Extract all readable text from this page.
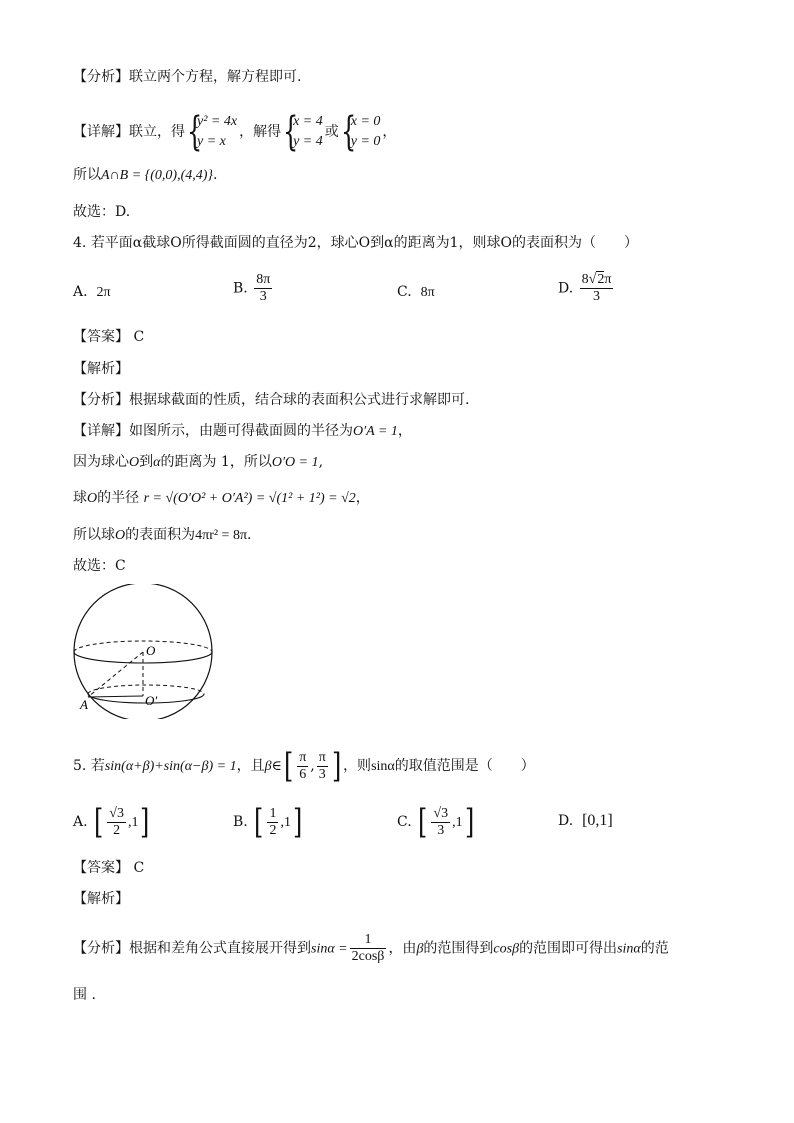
【分析】联立两个方程，解方程即可.
【详解】联立，得 {
y² = 4x
y = x
，解得 {
x = 4
y = 4
或 {
x = 0
y = 0
，
所以A∩B = {(0,0),(4,4)}.
故选：D.
4. 若平面α截球O所得截面圆的直径为2，球心O到α的距离为1，则球O的表面积为（　　）
A. 2π	B. $\frac{8\pi}{3}$	C. 8π	D. $\frac{8√2\pi}{3}$
【答案】 C
【解析】
【分析】根据球截面的性质，结合球的表面积公式进行求解即可.
【详解】如图所示，由题可得截面圆的半径为O′A = 1，
因为球心O到α的距离为 1，所以O′O = 1,
球O的半径 r = √(O′O² + O′A²) = √(1² + 1²) = √2，
所以球O的表面积为4πr² = 8π.
故选：C
O
O′
A
5. 若sin(α+β)+sin(α−β) = 1，且β∈[ $\frac{\pi}{6}$ , $\frac{\pi}{3}$ ] ，则sinα的取值范围是（　　）
A. [ $\frac{√3}{2} ,1$]	B. [ $\frac{1}{2} ,1$]	C. [ $\frac{√3}{3} ,1$]	D. [0,1]
【答案】 C
【解析】
【分析】根据和差角公式直接展开得到$\sin\alpha = \frac{1}{2\cos\beta}$ ，由β的范围得到cosβ的范围即可得出sinα的范
围 .
